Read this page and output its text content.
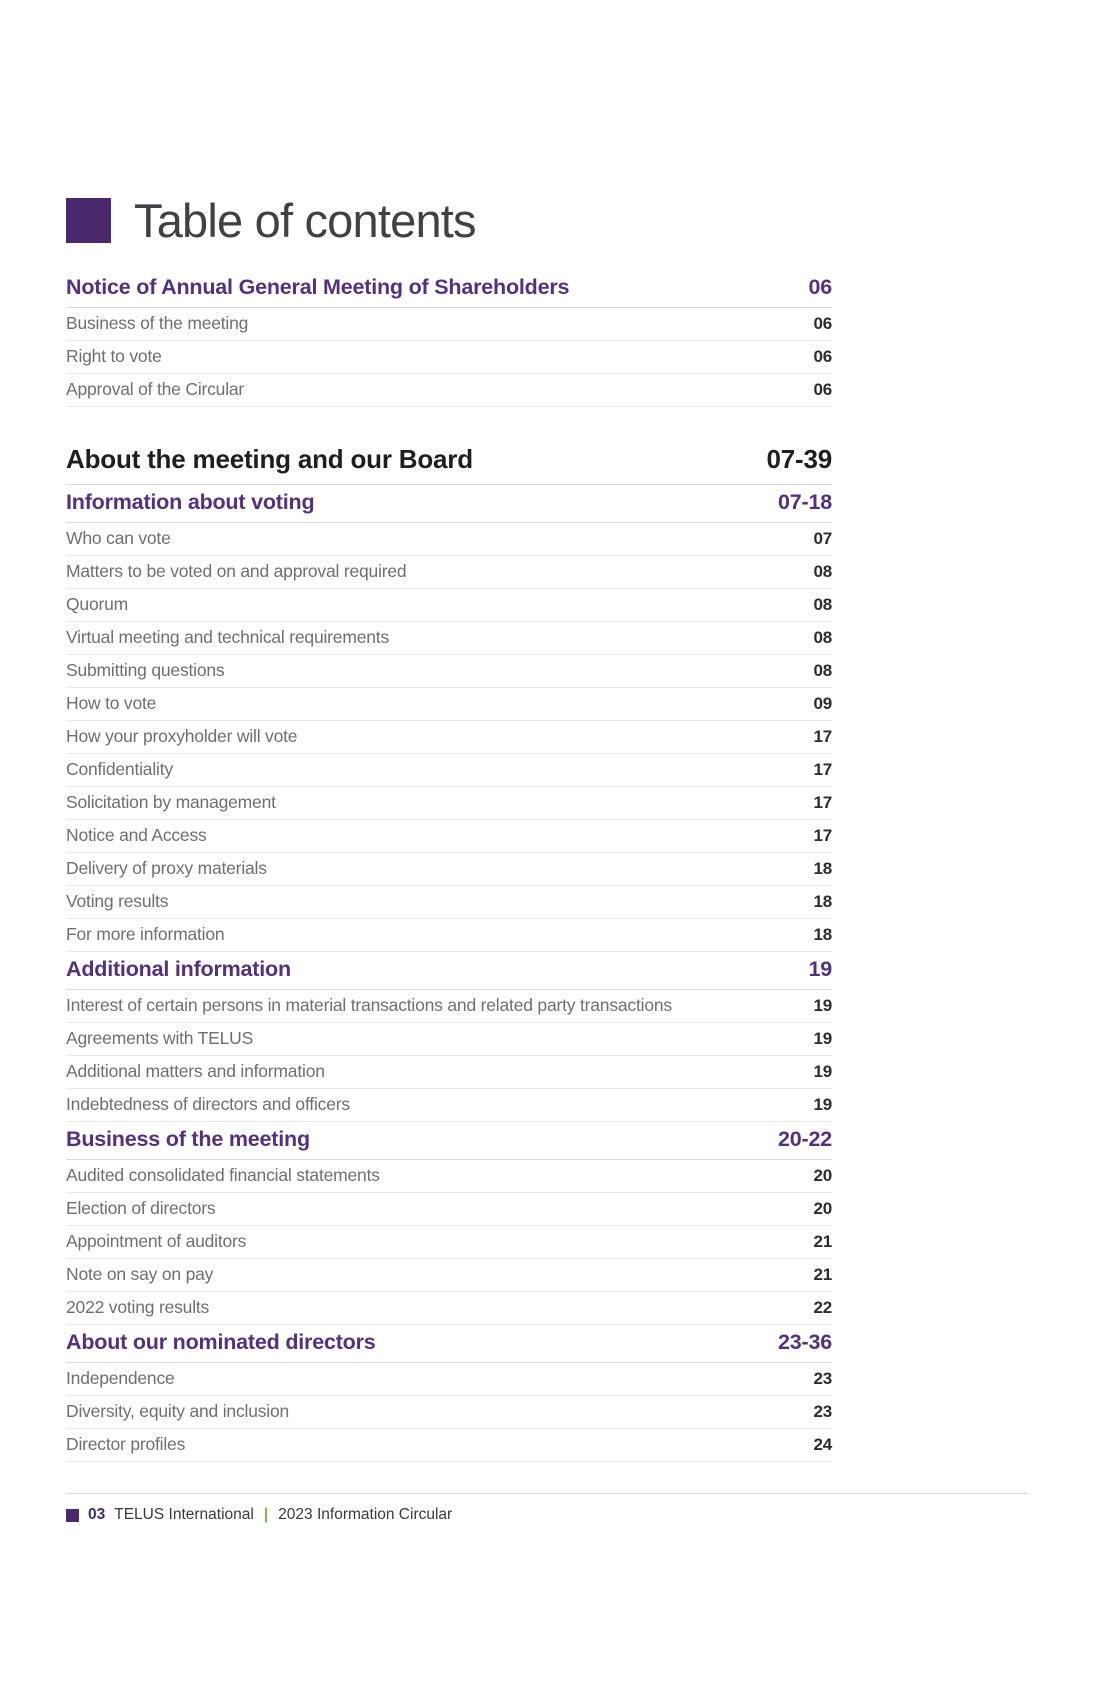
Table of contents
Notice of Annual General Meeting of Shareholders	06
Business of the meeting	06
Right to vote	06
Approval of the Circular	06
About the meeting and our Board	07-39
Information about voting	07-18
Who can vote	07
Matters to be voted on and approval required	08
Quorum	08
Virtual meeting and technical requirements	08
Submitting questions	08
How to vote	09
How your proxyholder will vote	17
Confidentiality	17
Solicitation by management	17
Notice and Access	17
Delivery of proxy materials	18
Voting results	18
For more information	18
Additional information	19
Interest of certain persons in material transactions and related party transactions	19
Agreements with TELUS	19
Additional matters and information	19
Indebtedness of directors and officers	19
Business of the meeting	20-22
Audited consolidated financial statements	20
Election of directors	20
Appointment of auditors	21
Note on say on pay	21
2022 voting results	22
About our nominated directors	23-36
Independence	23
Diversity, equity and inclusion	23
Director profiles	24
03 TELUS International | 2023 Information Circular
